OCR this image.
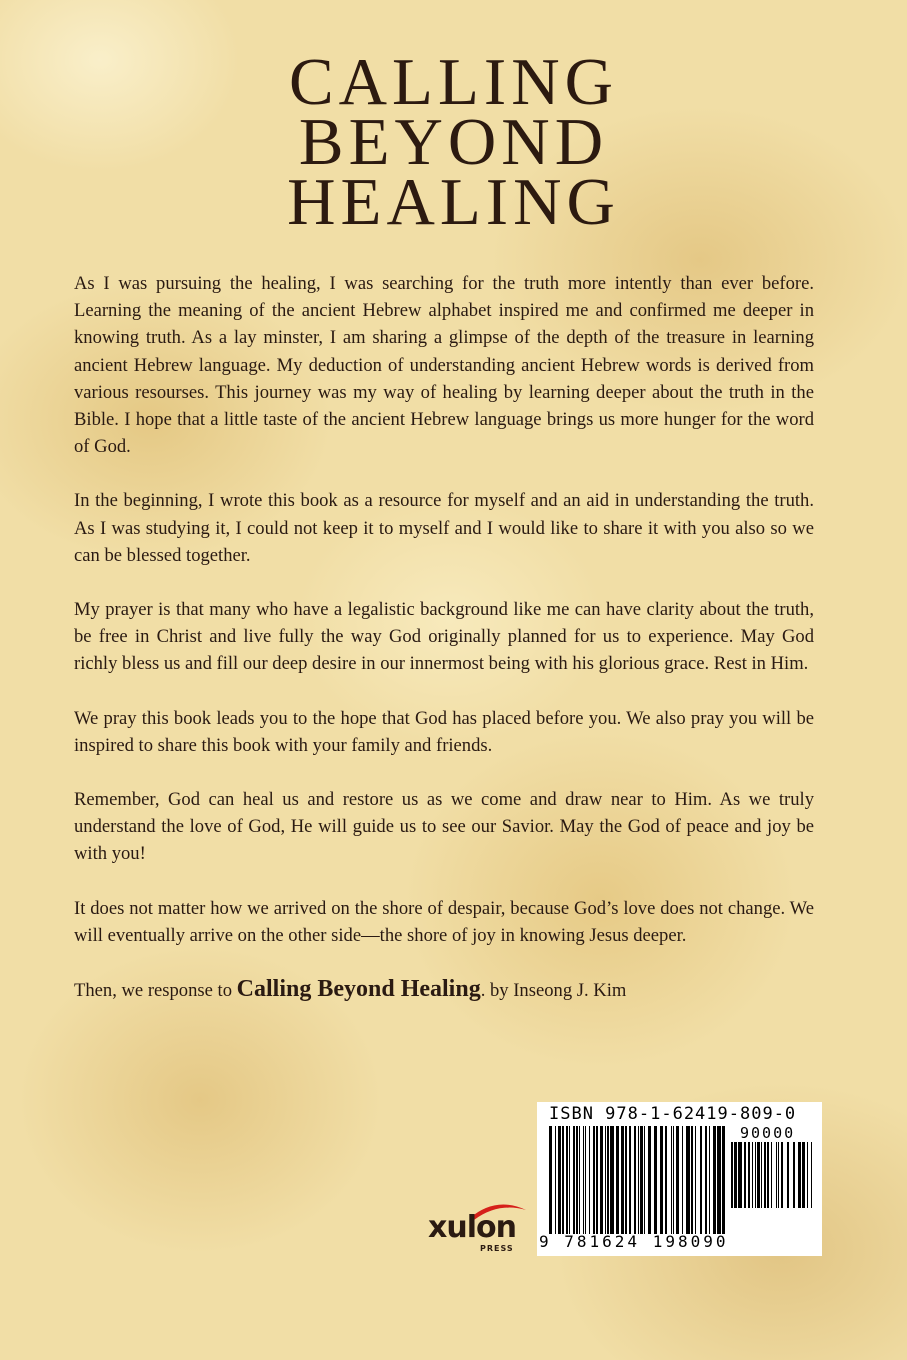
CALLING
BEYOND
HEALING

As I was pursuing the healing, I was searching for the truth more intently than ever before. Learning the meaning of the ancient Hebrew alphabet inspired me and confirmed me deeper in knowing truth. As a lay minster, I am sharing a glimpse of the depth of the treasure in learning ancient Hebrew language. My deduction of understanding ancient Hebrew words is derived from various resourses. This journey was my way of healing by learning deeper about the truth in the Bible. I hope that a little taste of the ancient Hebrew language brings us more hunger for the word of God.

In the beginning, I wrote this book as a resource for myself and an aid in understanding the truth. As I was studying it, I could not keep it to myself and I would like to share it with you also so we can be blessed together.

My prayer is that many who have a legalistic background like me can have clarity about the truth, be free in Christ and live fully the way God originally planned for us to experience. May God richly bless us and fill our deep desire in our innermost being with his glorious grace. Rest in Him.

We pray this book leads you to the hope that God has placed before you. We also pray you will be inspired to share this book with your family and friends.

Remember, God can heal us and restore us as we come and draw near to Him. As we truly understand the love of God, He will guide us to see our Savior. May the God of peace and joy be with you!

It does not matter how we arrived on the shore of despair, because God’s love does not change. We will eventually arrive on the other side—the shore of joy in knowing Jesus deeper.

Then, we response to Calling Beyond Healing. by Inseong J. Kim

xulon
PRESS
ISBN 978-1-62419-809-0
90000
9 781624 198090
